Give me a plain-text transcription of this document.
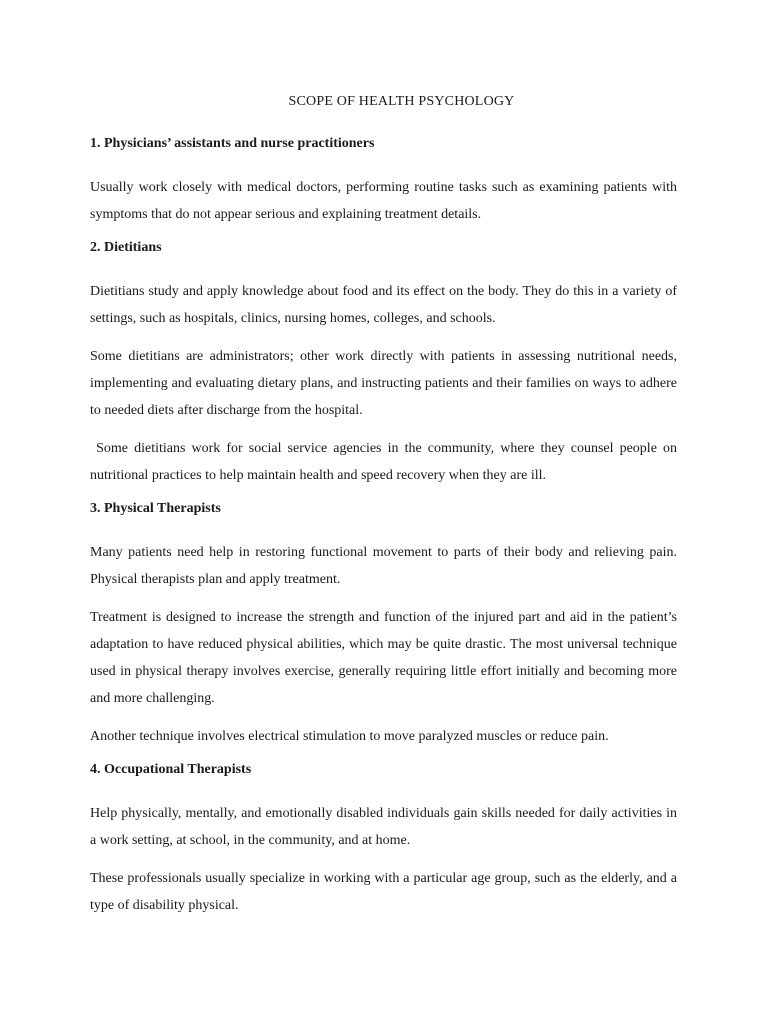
SCOPE OF HEALTH PSYCHOLOGY
1. Physicians’ assistants and nurse practitioners

Usually work closely with medical doctors, performing routine tasks such as examining patients with symptoms that do not appear serious and explaining treatment details.

2. Dietitians

Dietitians study and apply knowledge about food and its effect on the body. They do this in a variety of settings, such as hospitals, clinics, nursing homes, colleges, and schools.

Some dietitians are administrators; other work directly with patients in assessing nutritional needs, implementing and evaluating dietary plans, and instructing patients and their families on ways to adhere to needed diets after discharge from the hospital.

Some dietitians work for social service agencies in the community, where they counsel people on nutritional practices to help maintain health and speed recovery when they are ill.

3. Physical Therapists

Many patients need help in restoring functional movement to parts of their body and relieving pain. Physical therapists plan and apply treatment.

Treatment is designed to increase the strength and function of the injured part and aid in the patient’s adaptation to have reduced physical abilities, which may be quite drastic. The most universal technique used in physical therapy involves exercise, generally requiring little effort initially and becoming more and more challenging.

Another technique involves electrical stimulation to move paralyzed muscles or reduce pain.

4. Occupational Therapists

Help physically, mentally, and emotionally disabled individuals gain skills needed for daily activities in a work setting, at school, in the community, and at home.

These professionals usually specialize in working with a particular age group, such as the elderly, and a type of disability physical.
